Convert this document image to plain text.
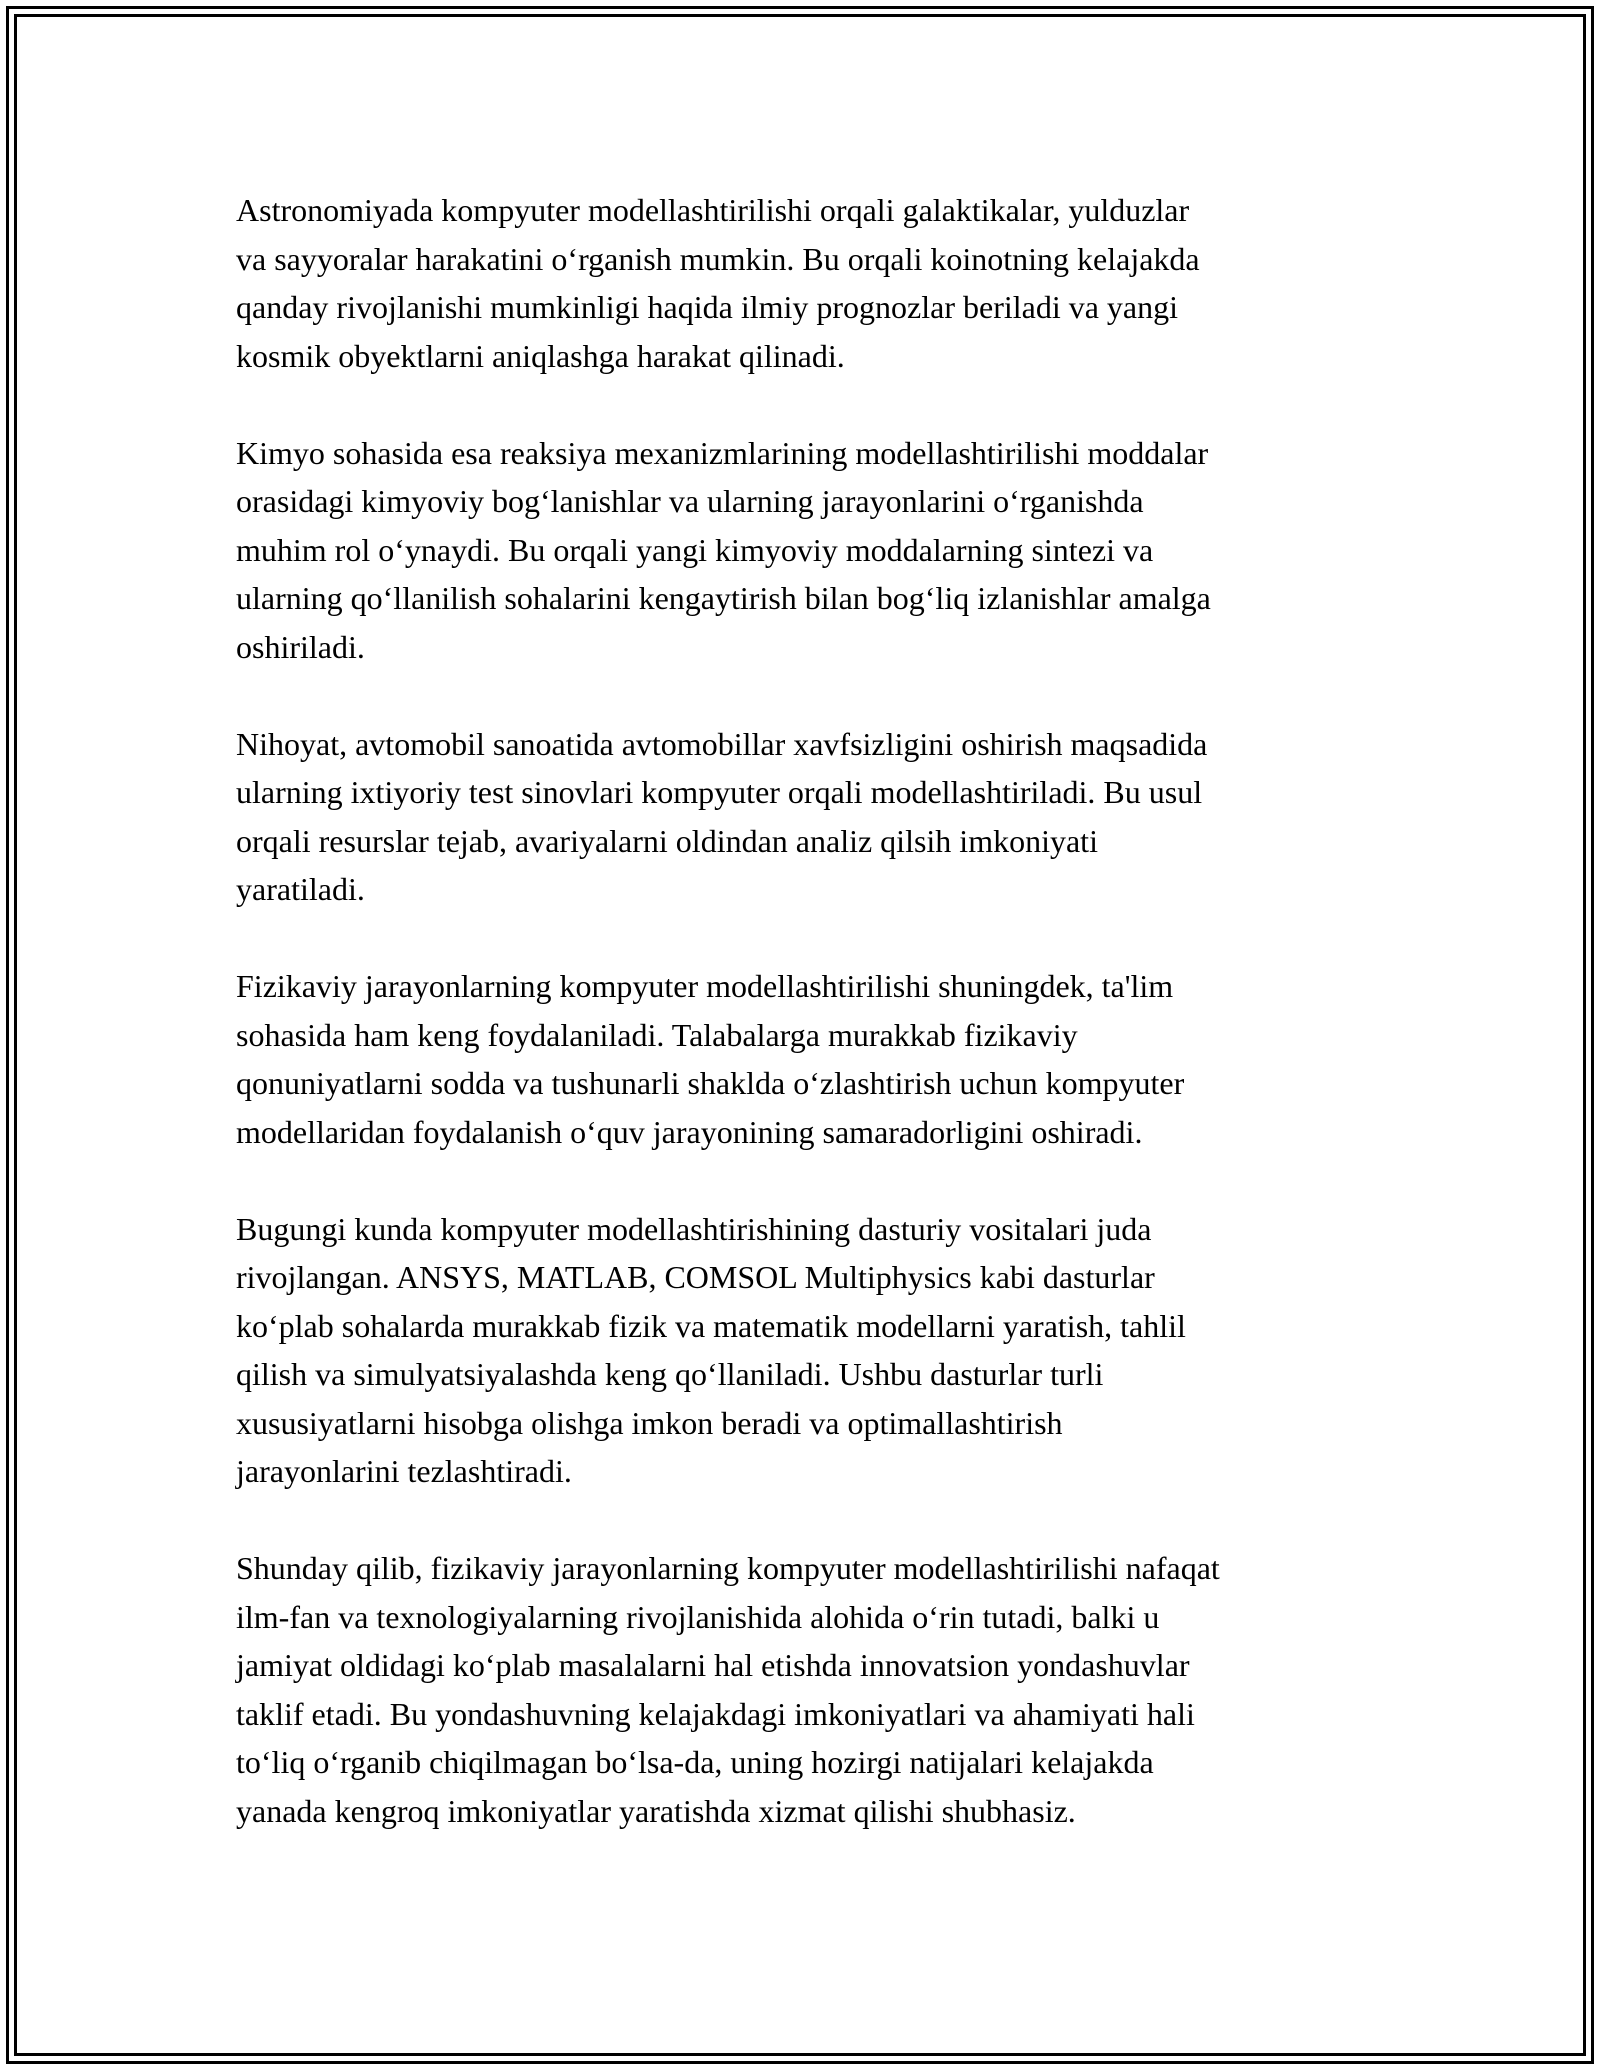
Astronomiyada kompyuter modellashtirilishi orqali galaktikalar, yulduzlar
va sayyoralar harakatini o‘rganish mumkin. Bu orqali koinotning kelajakda
qanday rivojlanishi mumkinligi haqida ilmiy prognozlar beriladi va yangi
kosmik obyektlarni aniqlashga harakat qilinadi.

Kimyo sohasida esa reaksiya mexanizmlarining modellashtirilishi moddalar
orasidagi kimyoviy bog‘lanishlar va ularning jarayonlarini o‘rganishda
muhim rol o‘ynaydi. Bu orqali yangi kimyoviy moddalarning sintezi va
ularning qo‘llanilish sohalarini kengaytirish bilan bog‘liq izlanishlar amalga
oshiriladi.

Nihoyat, avtomobil sanoatida avtomobillar xavfsizligini oshirish maqsadida
ularning ixtiyoriy test sinovlari kompyuter orqali modellashtiriladi. Bu usul
orqali resurslar tejab, avariyalarni oldindan analiz qilsih imkoniyati
yaratiladi.

Fizikaviy jarayonlarning kompyuter modellashtirilishi shuningdek, ta'lim
sohasida ham keng foydalaniladi. Talabalarga murakkab fizikaviy
qonuniyatlarni sodda va tushunarli shaklda o‘zlashtirish uchun kompyuter
modellaridan foydalanish o‘quv jarayonining samaradorligini oshiradi.

Bugungi kunda kompyuter modellashtirishining dasturiy vositalari juda
rivojlangan. ANSYS, MATLAB, COMSOL Multiphysics kabi dasturlar
ko‘plab sohalarda murakkab fizik va matematik modellarni yaratish, tahlil
qilish va simulyatsiyalashda keng qo‘llaniladi. Ushbu dasturlar turli
xususiyatlarni hisobga olishga imkon beradi va optimallashtirish
jarayonlarini tezlashtiradi.

Shunday qilib, fizikaviy jarayonlarning kompyuter modellashtirilishi nafaqat
ilm-fan va texnologiyalarning rivojlanishida alohida o‘rin tutadi, balki u
jamiyat oldidagi ko‘plab masalalarni hal etishda innovatsion yondashuvlar
taklif etadi. Bu yondashuvning kelajakdagi imkoniyatlari va ahamiyati hali
to‘liq o‘rganib chiqilmagan bo‘lsa-da, uning hozirgi natijalari kelajakda
yanada kengroq imkoniyatlar yaratishda xizmat qilishi shubhasiz.
